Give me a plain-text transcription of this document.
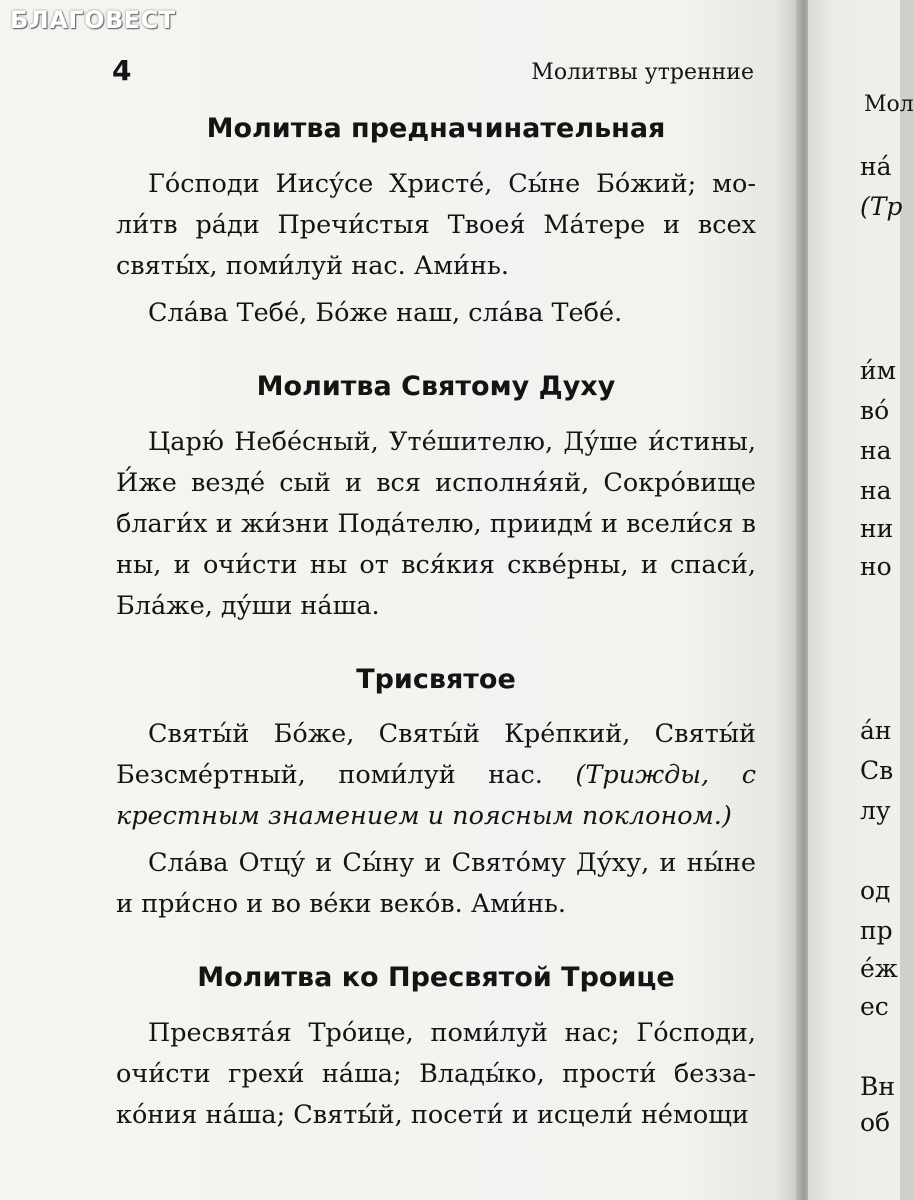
Мол
на́
(Тр
и́м
во́
на
на
ни
но
а́н
Св
лу
од
пр
е́ж
ес
Вн
об
БЛАГОВЕСТ
4	Молитвы утренние
Молитва предначинательная

Го́споди Иису́се Христе́, Сы́не Бо́жий; моли́тв ра́ди Пречи́стыя Твоея́ Ма́тере и всех святы́х, поми́луй нас. Ами́нь.

Сла́ва Тебе́, Бо́же наш, сла́ва Тебе́.

Молитва Святому Духу

Царю́ Небе́сный, Уте́шителю, Ду́ше и́стины, И́же везде́ сый и вся исполня́яй, Сокро́вище благи́х и жи́зни Пода́телю, приидм́ и всели́ся в ны, и очи́сти ны от вся́кия скве́рны, и спаси́, Бла́же, ду́ши на́ша.

Трисвятое

Святы́й Бо́же, Святы́й Кре́пкий, Святы́й Безсме́ртный, поми́луй нас. (Трижды, с крестным знамением и поясным поклоном.)

Сла́ва Отцу́ и Сы́ну и Свято́му Ду́ху, и ны́не и при́сно и во ве́ки веко́в. Ами́нь.

Молитва ко Пресвятой Троице

Пресвята́я Тро́ице, поми́луй нас; Го́споди, очи́сти грехи́ на́ша; Влады́ко, прости́ беззако́ния на́ша; Святы́й, посети́ и исцели́ не́мощи
